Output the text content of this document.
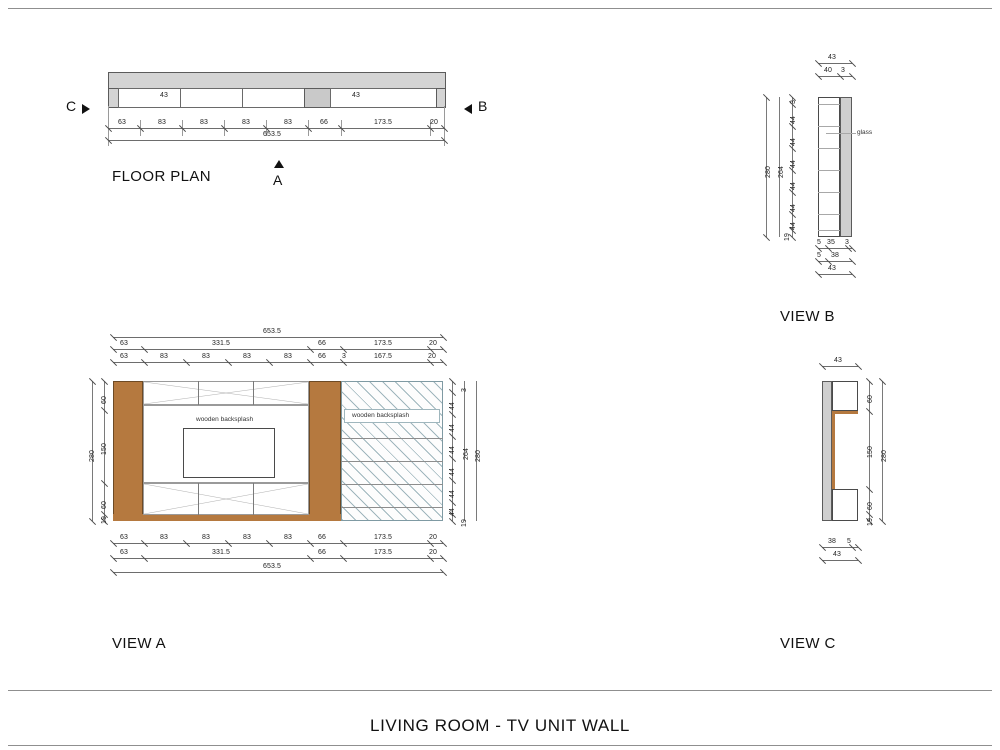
43	43
63	83	83	83	83	66	173.5	20
653.5
C	B
A
FLOOR PLAN
wooden backsplash
wooden backsplash
653.5
63	331.5	66	173.5	20
63	83	83	83	83	66 3	167.5	20
63	83	83	83	83	66	173.5	20
63	331.5	66	173.5	20
653.5
60
150
60
19
280
3
44
44
44
44
44
44
19
264 280
VIEW A
glass
43
40 3
3
44
44
44
44
44
44
19
264
280
5 35 3
5 38
43
VIEW B
43
60
150
60
19
280
38 5
43
VIEW C
LIVING ROOM - TV UNIT WALL
